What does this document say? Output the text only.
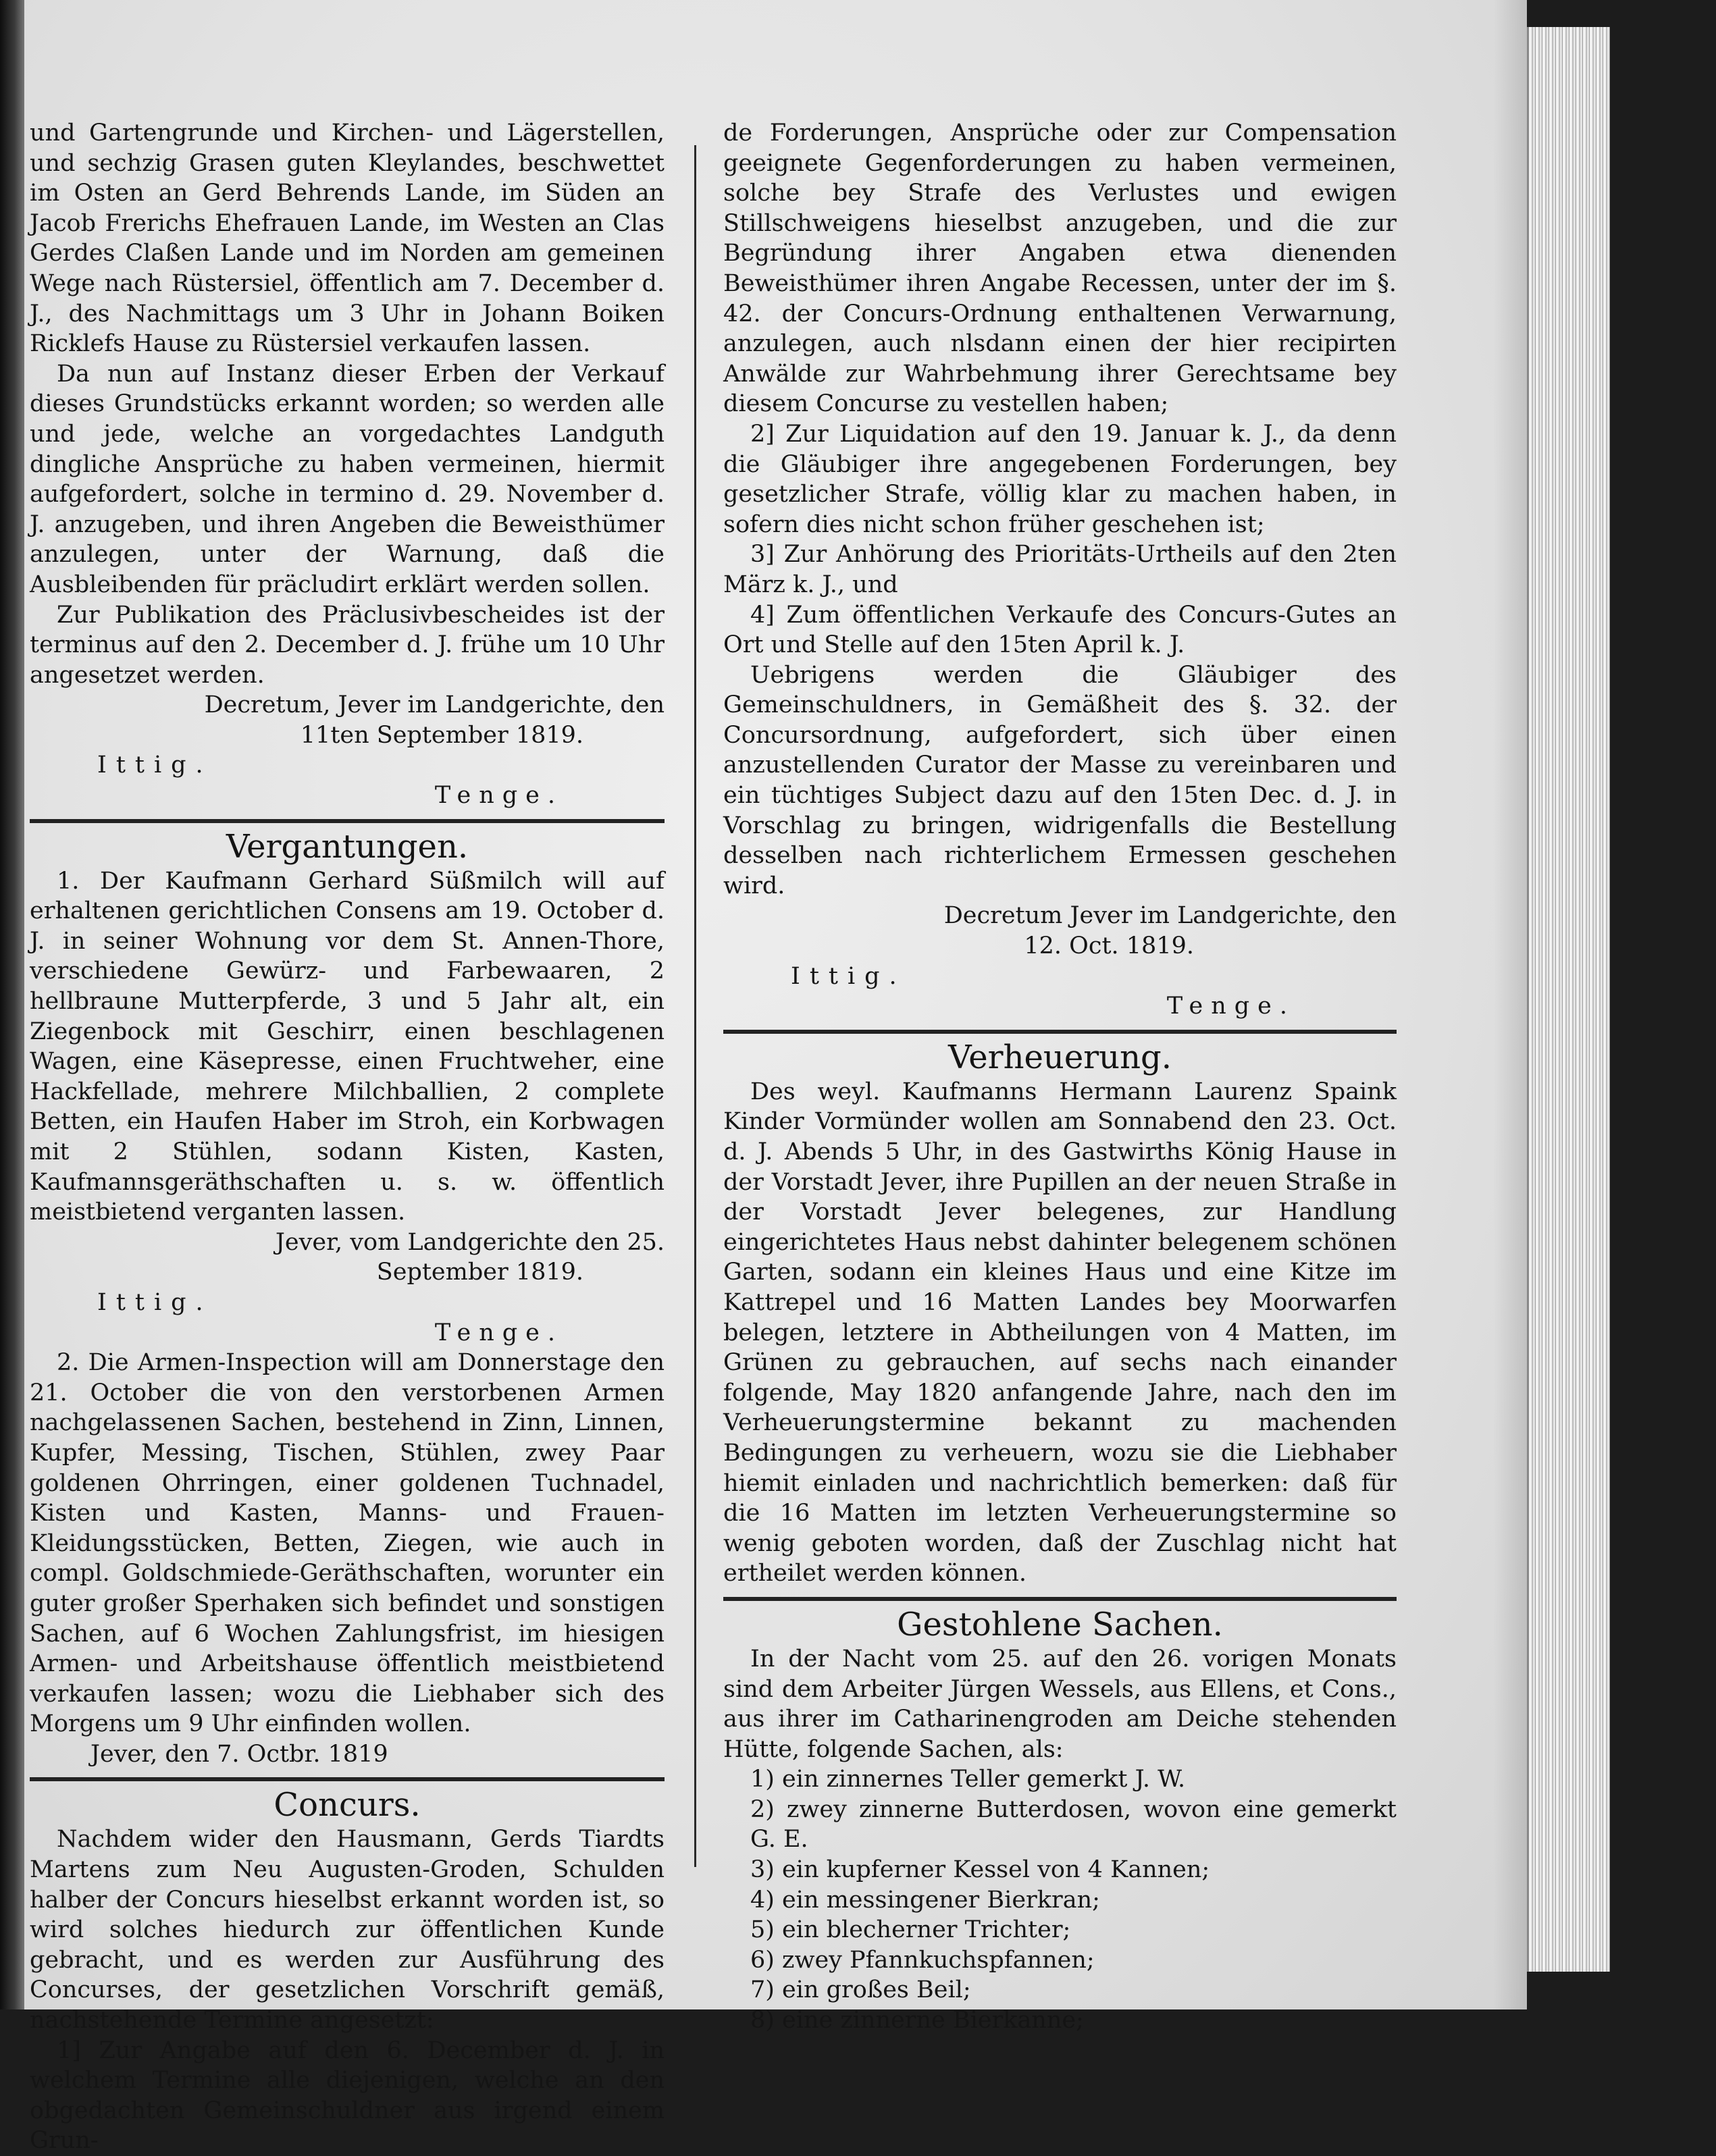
und Gartengrunde und Kirchen- und Lägerstellen, und sechzig Grasen guten Kleylandes, beschwettet im Osten an Gerd Behrends Lande, im Süden an Jacob Frerichs Ehefrauen Lande, im Westen an Clas Gerdes Claßen Lande und im Norden am gemeinen Wege nach Rüstersiel, öffentlich am 7. December d. J., des Nachmittags um 3 Uhr in Johann Boiken Ricklefs Hause zu Rüstersiel verkaufen lassen.

Da nun auf Instanz dieser Erben der Verkauf dieses Grundstücks erkannt worden; so werden alle und jede, welche an vorgedachtes Landguth dingliche Ansprüche zu haben vermeinen, hiermit aufgefordert, solche in termino d. 29. November d. J. anzugeben, und ihren Angeben die Beweisthümer anzulegen, unter der Warnung, daß die Ausbleibenden für präcludirt erklärt werden sollen.

Zur Publikation des Präclusivbescheides ist der terminus auf den 2. December d. J. frühe um 10 Uhr angesetzet werden.

Decretum, Jever im Landgerichte, den

11ten September 1819.

Ittig.

Tenge.

Vergantungen.

1. Der Kaufmann Gerhard Süßmilch will auf erhaltenen gerichtlichen Consens am 19. October d. J. in seiner Wohnung vor dem St. Annen-Thore, verschiedene Gewürz- und Farbewaaren, 2 hellbraune Mutterpferde, 3 und 5 Jahr alt, ein Ziegenbock mit Geschirr, einen beschlagenen Wagen, eine Käsepresse, einen Fruchtweher, eine Hackfellade, mehrere Milchballien, 2 complete Betten, ein Haufen Haber im Stroh, ein Korbwagen mit 2 Stühlen, sodann Kisten, Kasten, Kaufmannsgeräthschaften u. s. w. öffentlich meistbietend verganten lassen.

Jever, vom Landgerichte den 25.

September 1819.

Ittig.

Tenge.

2. Die Armen-Inspection will am Donnerstage den 21. October die von den verstorbenen Armen nachgelassenen Sachen, bestehend in Zinn, Linnen, Kupfer, Messing, Tischen, Stühlen, zwey Paar goldenen Ohrringen, einer goldenen Tuchnadel, Kisten und Kasten, Manns- und Frauen-Kleidungsstücken, Betten, Ziegen, wie auch in compl. Goldschmiede-Geräthschaften, worunter ein guter großer Sperhaken sich befindet und sonstigen Sachen, auf 6 Wochen Zahlungsfrist, im hiesigen Armen- und Arbeitshause öffentlich meistbietend verkaufen lassen; wozu die Liebhaber sich des Morgens um 9 Uhr einfinden wollen.

Jever, den 7. Octbr. 1819

Concurs.

Nachdem wider den Hausmann, Gerds Tiardts Martens zum Neu Augusten-Groden, Schulden halber der Concurs hieselbst erkannt worden ist, so wird solches hiedurch zur öffentlichen Kunde gebracht, und es werden zur Ausführung des Concurses, der gesetzlichen Vorschrift gemäß, nachstehende Termine angesetzt:

1] Zur Angabe auf den 6. December d. J. in welchem Termine alle diejenigen, welche an den obgedachten Gemeinschuldner aus irgend einem Grun-

de Forderungen, Ansprüche oder zur Compensation geeignete Gegenforderungen zu haben vermeinen, solche bey Strafe des Verlustes und ewigen Stillschweigens hieselbst anzugeben, und die zur Begründung ihrer Angaben etwa dienenden Beweisthümer ihren Angabe Recessen, unter der im §. 42. der Concurs-Ordnung enthaltenen Verwarnung, anzulegen, auch nlsdann einen der hier recipirten Anwälde zur Wahrbehmung ihrer Gerechtsame bey diesem Concurse zu vestellen haben;

2] Zur Liquidation auf den 19. Januar k. J., da denn die Gläubiger ihre angegebenen Forderungen, bey gesetzlicher Strafe, völlig klar zu machen haben, in sofern dies nicht schon früher geschehen ist;

3] Zur Anhörung des Prioritäts-Urtheils auf den 2ten März k. J., und

4] Zum öffentlichen Verkaufe des Concurs-Gutes an Ort und Stelle auf den 15ten April k. J.

Uebrigens werden die Gläubiger des Gemeinschuldners, in Gemäßheit des §. 32. der Concursordnung, aufgefordert, sich über einen anzustellenden Curator der Masse zu vereinbaren und ein tüchtiges Subject dazu auf den 15ten Dec. d. J. in Vorschlag zu bringen, widrigenfalls die Bestellung desselben nach richterlichem Ermessen geschehen wird.

Decretum Jever im Landgerichte, den

12. Oct. 1819.

Ittig.

Tenge.

Verheuerung.

Des weyl. Kaufmanns Hermann Laurenz Spaink Kinder Vormünder wollen am Sonnabend den 23. Oct. d. J. Abends 5 Uhr, in des Gastwirths König Hause in der Vorstadt Jever, ihre Pupillen an der neuen Straße in der Vorstadt Jever belegenes, zur Handlung eingerichtetes Haus nebst dahinter belegenem schönen Garten, sodann ein kleines Haus und eine Kitze im Kattrepel und 16 Matten Landes bey Moorwarfen belegen, letztere in Abtheilungen von 4 Matten, im Grünen zu gebrauchen, auf sechs nach einander folgende, May 1820 anfangende Jahre, nach den im Verheuerungstermine bekannt zu machenden Bedingungen zu verheuern, wozu sie die Liebhaber hiemit einladen und nachrichtlich bemerken: daß für die 16 Matten im letzten Verheuerungstermine so wenig geboten worden, daß der Zuschlag nicht hat ertheilet werden können.

Gestohlene Sachen.

In der Nacht vom 25. auf den 26. vorigen Monats sind dem Arbeiter Jürgen Wessels, aus Ellens, et Cons., aus ihrer im Catharinengroden am Deiche stehenden Hütte, folgende Sachen, als:

1) ein zinnernes Teller gemerkt J. W.

2) zwey zinnerne Butterdosen, wovon eine gemerkt G. E.

3) ein kupferner Kessel von 4 Kannen;

4) ein messingener Bierkran;

5) ein blecherner Trichter;

6) zwey Pfannkuchspfannen;

7) ein großes Beil;

8) eine zinnerne Bierkanne;
